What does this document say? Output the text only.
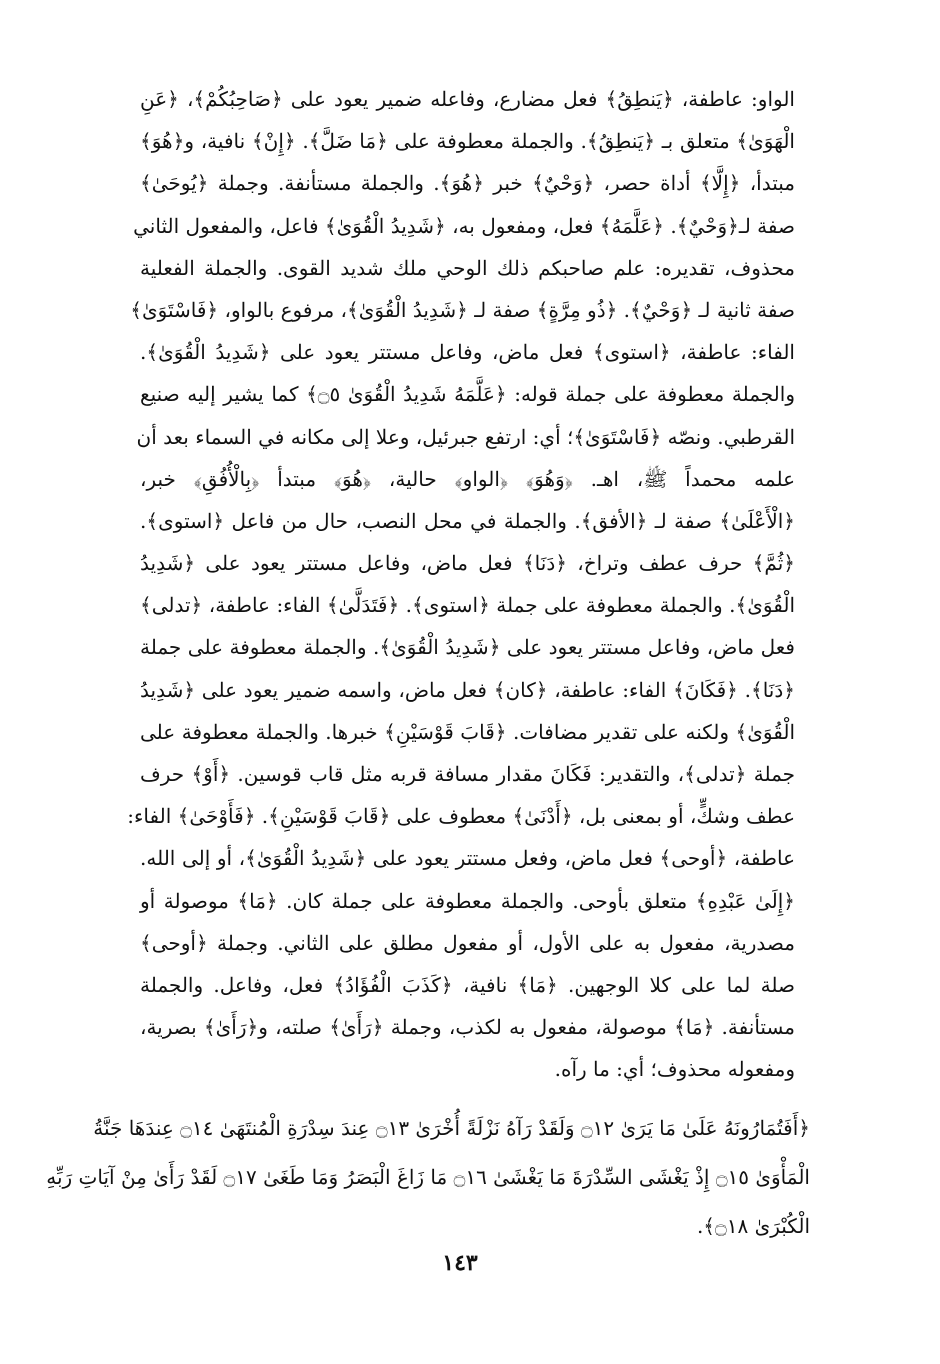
الواو: عاطفة، ﴿يَنطِقُ﴾ فعل مضارع، وفاعله ضمير يعود على ﴿صَاحِبُكُمْ﴾، ﴿عَنِ
الْهَوَىٰ﴾ متعلق بـ ﴿يَنطِقُ﴾. والجملة معطوفة على ﴿مَا ضَلَّ﴾. ﴿إِنْ﴾ نافية، و﴿هُوَ﴾
مبتدأ، ﴿إِلَّا﴾ أداة حصر، ﴿وَحْيٌ﴾ خبر ﴿هُوَ﴾. والجملة مستأنفة. وجملة ﴿يُوحَىٰ﴾
صفة لـ﴿وَحْيٌ﴾. ﴿عَلَّمَهُ﴾ فعل، ومفعول به، ﴿شَدِيدُ الْقُوَىٰ﴾ فاعل، والمفعول الثاني
محذوف، تقديره: علم صاحبكم ذلك الوحي ملك شديد القوى. والجملة الفعلية
صفة ثانية لـ ﴿وَحْيٌ﴾. ﴿ذُو مِرَّةٍ﴾ صفة لـ ﴿شَدِيدُ الْقُوَىٰ﴾، مرفوع بالواو، ﴿فَاسْتَوَىٰ﴾
الفاء: عاطفة، ﴿استوى﴾ فعل ماض، وفاعل مستتر يعود على ﴿شَدِيدُ الْقُوَىٰ﴾.
والجملة معطوفة على جملة قوله: ﴿عَلَّمَهُ شَدِيدُ الْقُوَىٰ ۝٥﴾ كما يشير إليه صنيع
القرطبي. ونصّه ﴿فَاسْتَوَىٰ﴾؛ أي: ارتفع جبرئيل، وعلا إلى مكانه في السماء بعد أن
علمه محمداً ﷺ، اهـ. ﴿وَهُوَ﴾ ﴿الواو﴾ حالية، ﴿هُوَ﴾ مبتدأ ﴿بِالْأُفُقِ﴾ خبر،
﴿الْأَعْلَىٰ﴾ صفة لـ ﴿الأفق﴾. والجملة في محل النصب، حال من فاعل ﴿استوى﴾.
﴿ثُمَّ﴾ حرف عطف وتراخ، ﴿دَنَا﴾ فعل ماض، وفاعل مستتر يعود على ﴿شَدِيدُ
الْقُوَىٰ﴾. والجملة معطوفة على جملة ﴿استوى﴾. ﴿فَتَدَلَّىٰ﴾ الفاء: عاطفة، ﴿تدلى﴾
فعل ماض، وفاعل مستتر يعود على ﴿شَدِيدُ الْقُوَىٰ﴾. والجملة معطوفة على جملة
﴿دَنَا﴾. ﴿فَكَانَ﴾ الفاء: عاطفة، ﴿كان﴾ فعل ماض، واسمه ضمير يعود على ﴿شَدِيدُ
الْقُوَىٰ﴾ ولكنه على تقدير مضافات. ﴿قَابَ قَوْسَيْنِ﴾ خبرها. والجملة معطوفة على
جملة ﴿تدلى﴾، والتقدير: فَكَانَ مقدار مسافة قربه مثل قاب قوسين. ﴿أَوْ﴾ حرف
عطف وشكٍّ، أو بمعنى بل، ﴿أَدْنَىٰ﴾ معطوف على ﴿قَابَ قَوْسَيْنِ﴾. ﴿فَأَوْحَىٰ﴾ الفاء:
عاطفة، ﴿أوحى﴾ فعل ماض، وفعل مستتر يعود على ﴿شَدِيدُ الْقُوَىٰ﴾، أو إلى الله.
﴿إِلَىٰ عَبْدِهِ﴾ متعلق بأوحى. والجملة معطوفة على جملة كان. ﴿مَا﴾ موصولة أو
مصدرية، مفعول به على الأول، أو مفعول مطلق على الثاني. وجملة ﴿أوحى﴾
صلة لما على كلا الوجهين. ﴿مَا﴾ نافية، ﴿كَذَبَ الْفُؤَادُ﴾ فعل، وفاعل. والجملة
مستأنفة. ﴿مَا﴾ موصولة، مفعول به لكذب، وجملة ﴿رَأَىٰ﴾ صلته، و﴿رَأَىٰ﴾ بصرية،
ومفعوله محذوف؛ أي: ما رآه.
﴿أَفَتُمَارُونَهُ عَلَىٰ مَا يَرَىٰ ۝١٢ وَلَقَدْ رَآهُ نَزْلَةً أُخْرَىٰ ۝١٣ عِندَ سِدْرَةِ الْمُنتَهَىٰ ۝١٤ عِندَهَا جَنَّةُ
الْمَأْوَىٰ ۝١٥ إِذْ يَغْشَى السِّدْرَةَ مَا يَغْشَىٰ ۝١٦ مَا زَاغَ الْبَصَرُ وَمَا طَغَىٰ ۝١٧ لَقَدْ رَأَىٰ مِنْ آيَاتِ رَبِّهِ
الْكُبْرَىٰ ۝١٨﴾.
١٤٣
